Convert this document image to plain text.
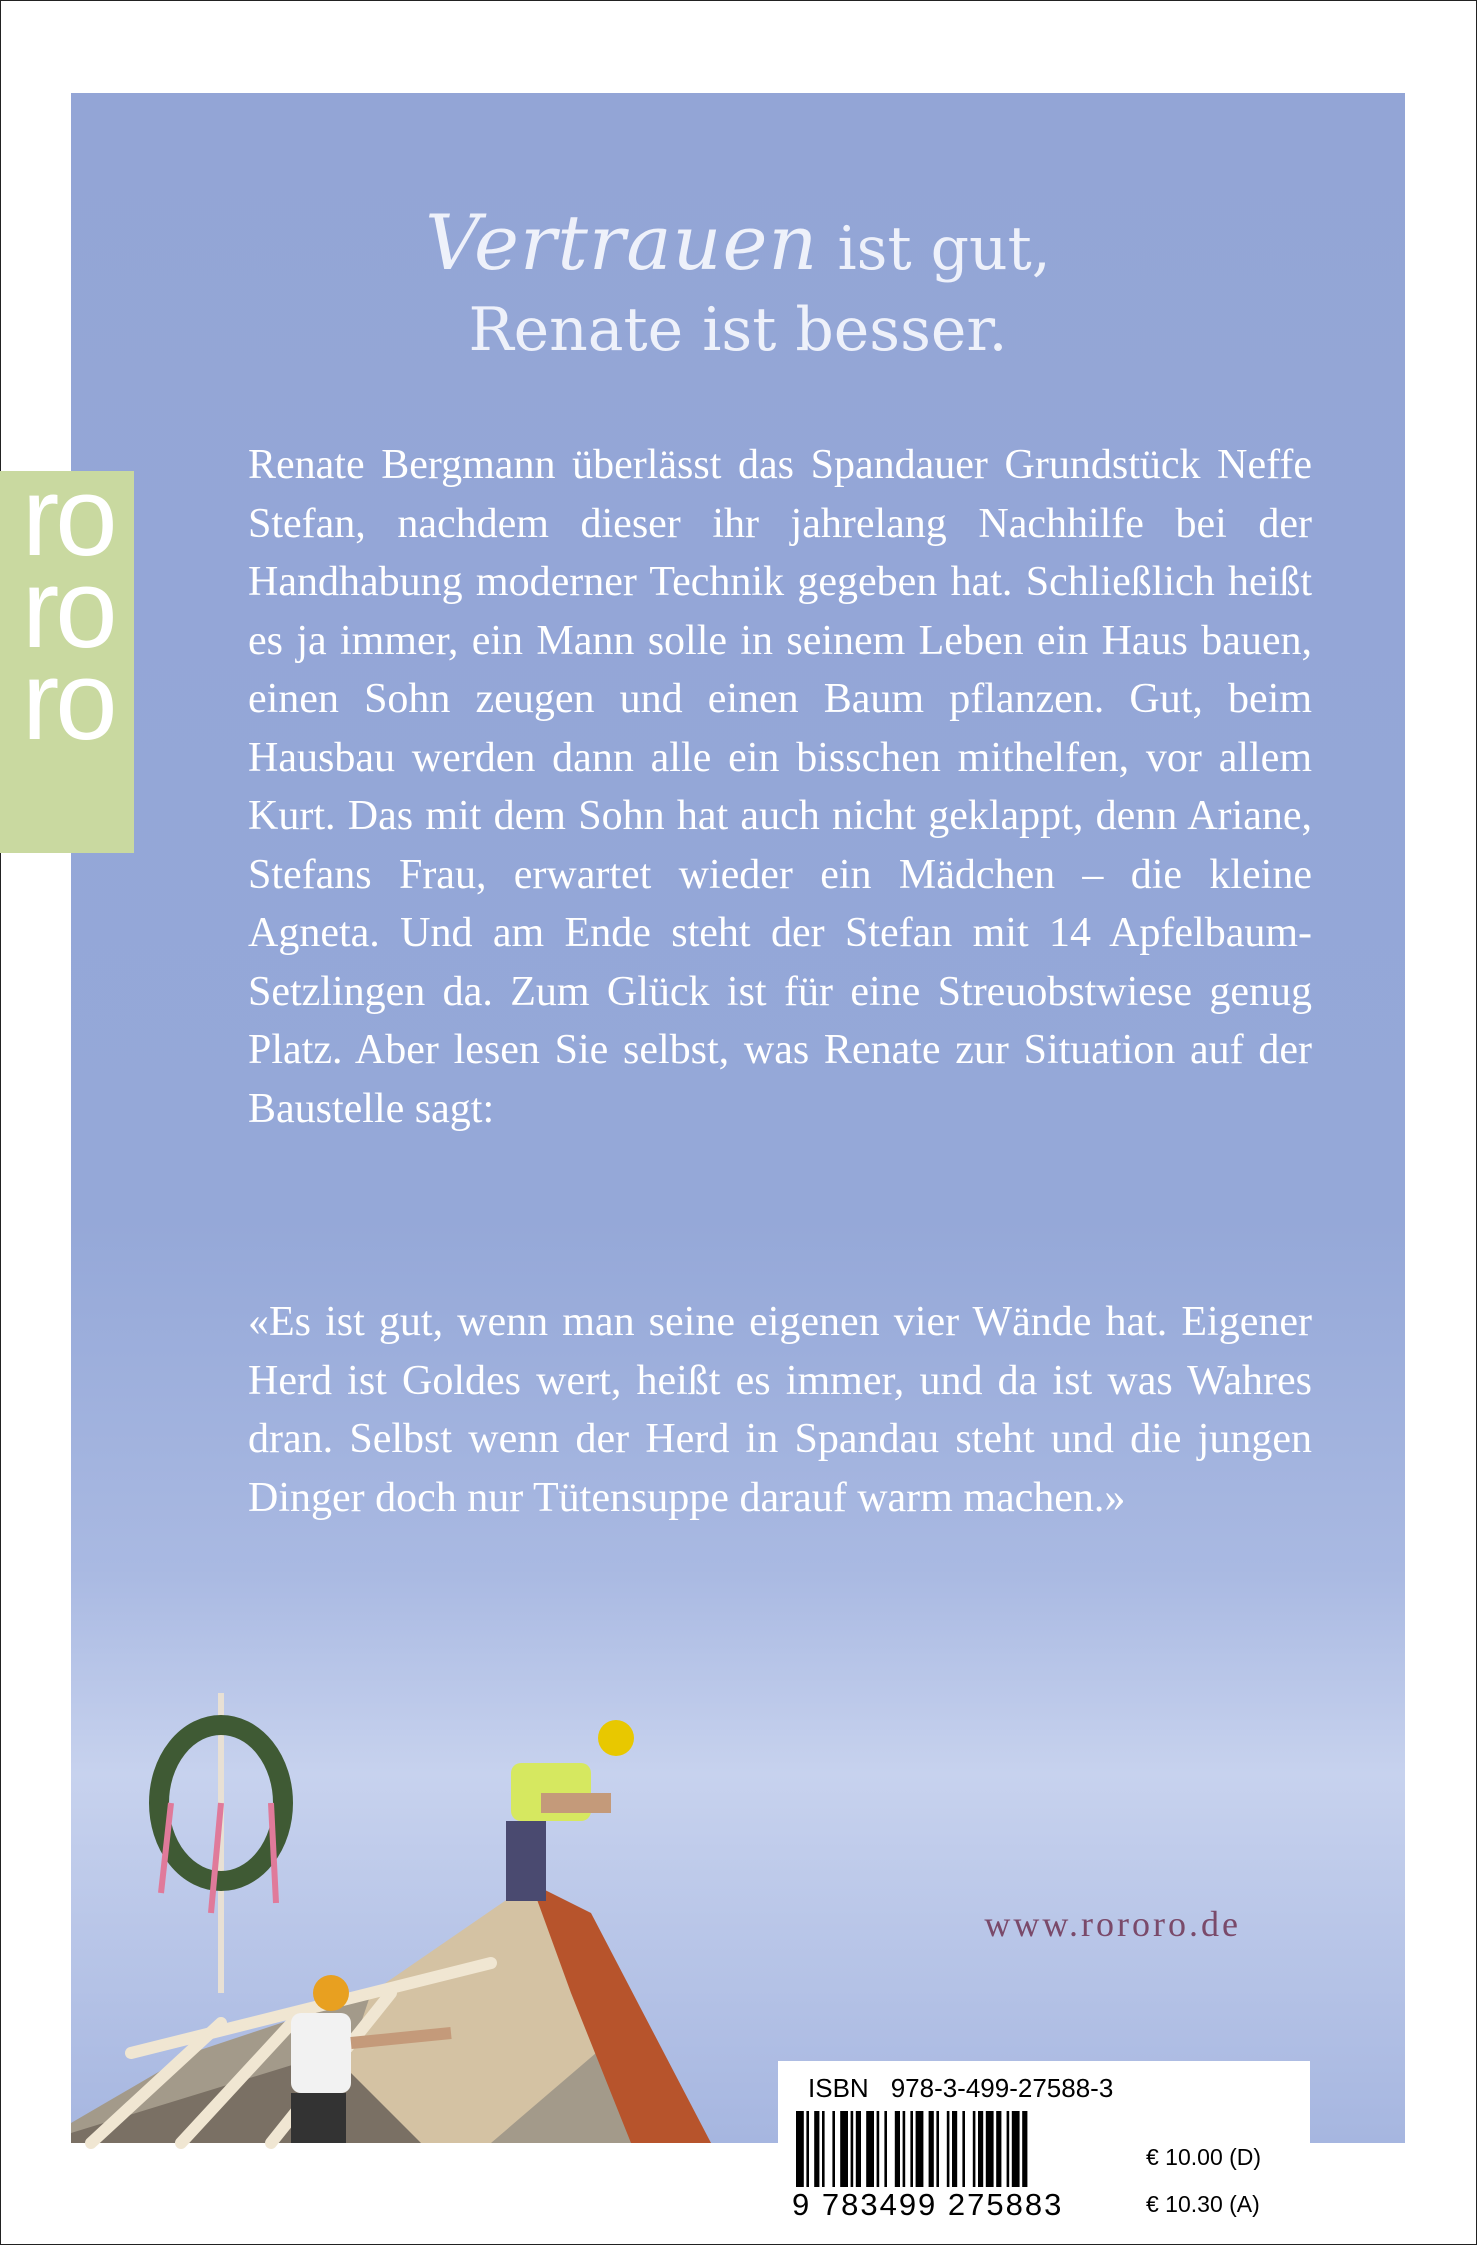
Vertrauen ist gut,
Renate ist besser.

Renate Bergmann überlässt das Spandauer Grundstück Neffe Stefan, nachdem dieser ihr jahrelang Nachhilfe bei der Handhabung moderner Technik gegeben hat. Schließlich heißt es ja immer, ein Mann solle in seinem Leben ein Haus bauen, einen Sohn zeugen und einen Baum pflanzen. Gut, beim Hausbau werden dann alle ein bisschen mithelfen, vor allem Kurt. Das mit dem Sohn hat auch nicht geklappt, denn Ariane, Stefans Frau, erwartet wieder ein Mädchen – die kleine Agneta. Und am Ende steht der Stefan mit 14 Apfelbaum-Setzlingen da. Zum Glück ist für eine Streuobstwiese genug Platz. Aber lesen Sie selbst, was Renate zur Situation auf der Baustelle sagt:

«Es ist gut, wenn man seine eigenen vier Wände hat. Eigener Herd ist Goldes wert, heißt es immer, und da ist was Wahres dran. Selbst wenn der Herd in Spandau steht und die jungen Dinger doch nur Tütensuppe darauf warm machen.»

www.rororo.de
ISBN 978-3-499-27588-3
9 783499 275883
€ 10.00 (D)
€ 10.30 (A)
ro
ro
ro
